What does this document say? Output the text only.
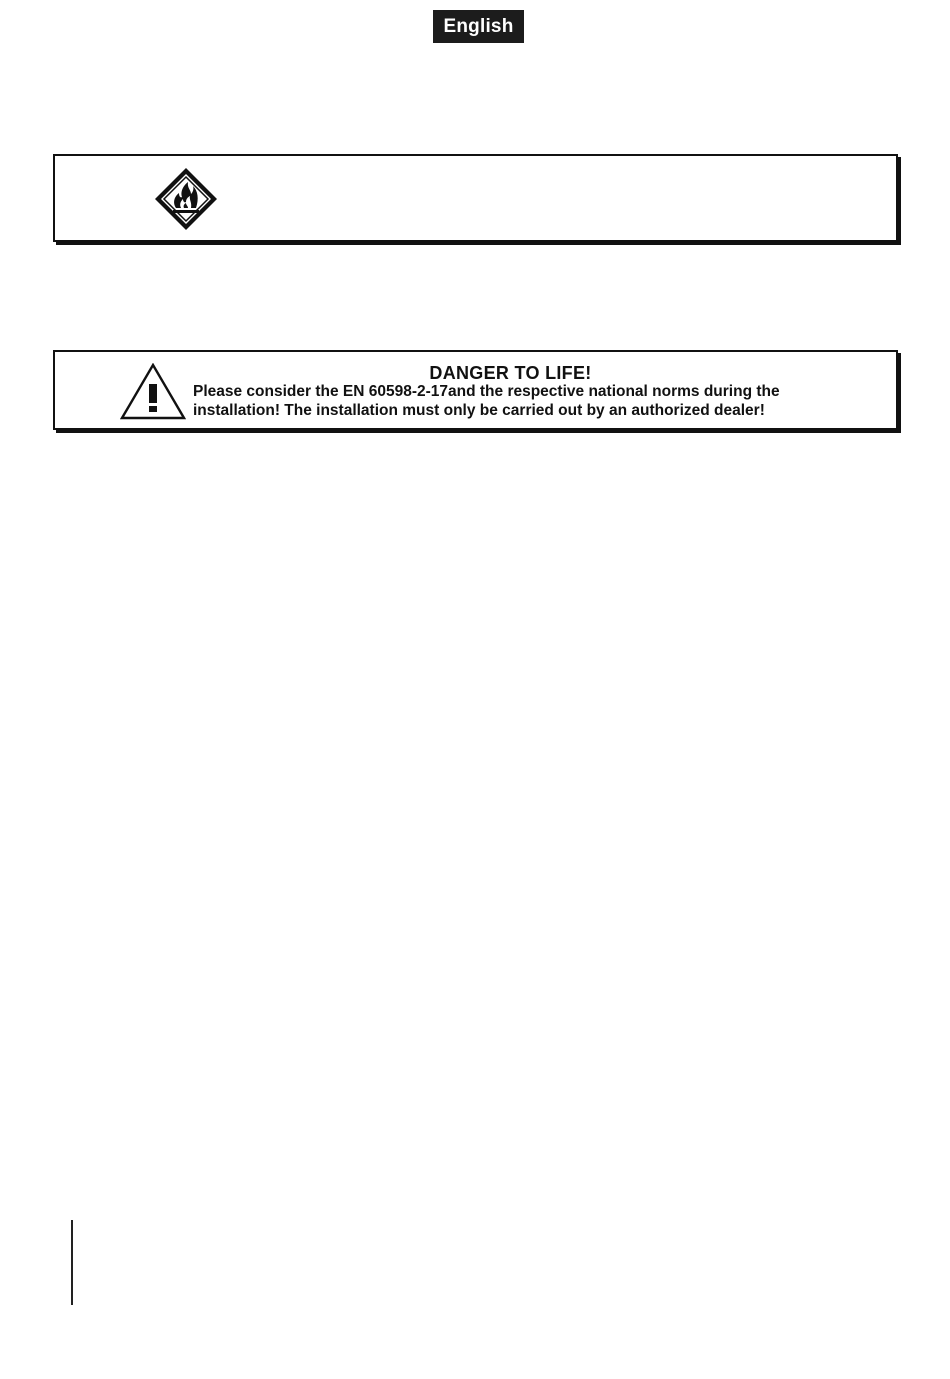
English
DANGER TO LIFE!
Please consider the EN 60598-2-17and the respective national norms during the
installation! The installation must only be carried out by an authorized dealer!
